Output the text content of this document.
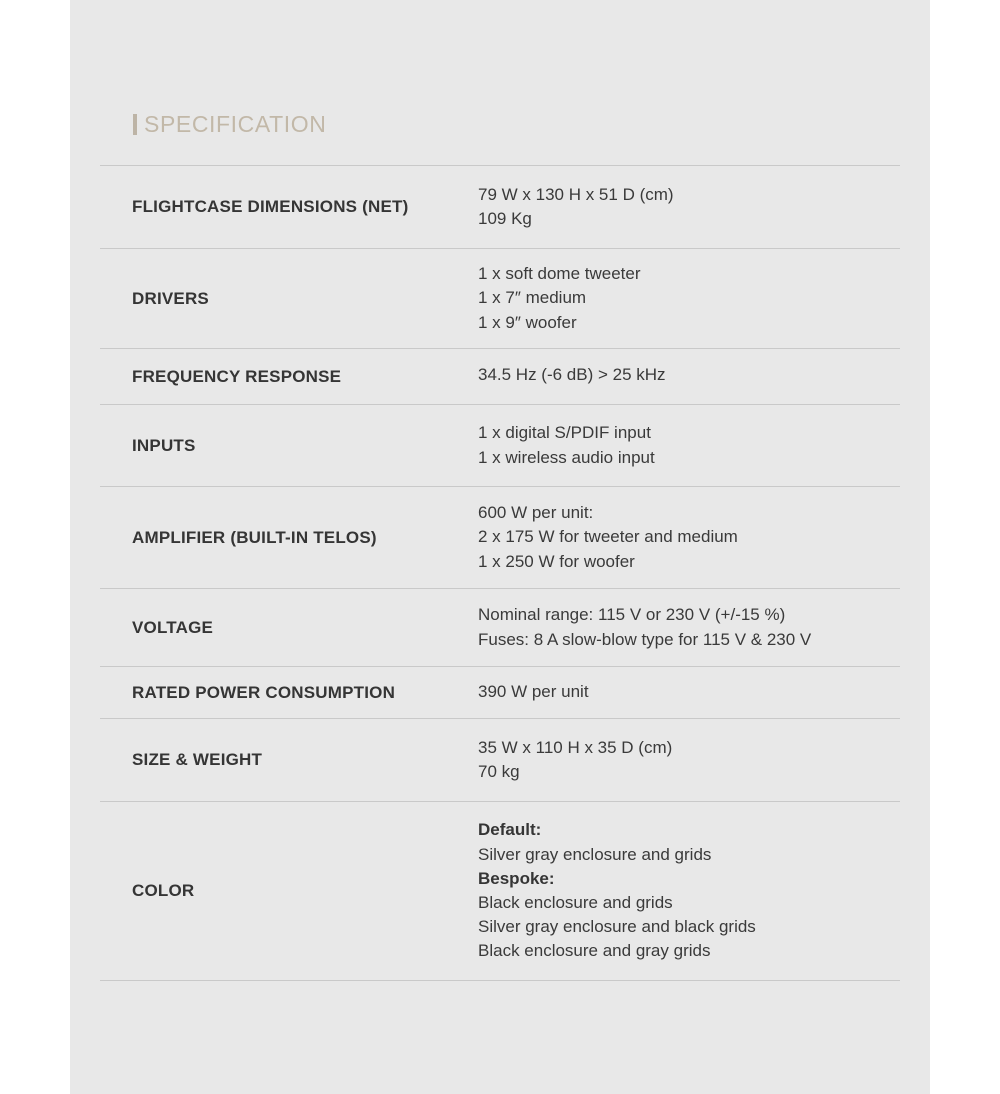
SPECIFICATION
FLIGHTCASE DIMENSIONS (NET)
79 W x 130 H x 51 D (cm)
109 Kg
DRIVERS
1 x soft dome tweeter
1 x 7″ medium
1 x 9″ woofer
FREQUENCY RESPONSE	34.5 Hz (-6 dB) > 25 kHz
INPUTS
1 x digital S/PDIF input
1 x wireless audio input
AMPLIFIER (BUILT-IN TELOS)
600 W per unit:
2 x 175 W for tweeter and medium
1 x 250 W for woofer
VOLTAGE
Nominal range: 115 V or 230 V (+/-15 %)
Fuses: 8 A slow-blow type for 115 V & 230 V
RATED POWER CONSUMPTION	390 W per unit
SIZE & WEIGHT
35 W x 110 H x 35 D (cm)
70 kg
COLOR
Default:
Silver gray enclosure and grids
Bespoke:
Black enclosure and grids
Silver gray enclosure and black grids
Black enclosure and gray grids
